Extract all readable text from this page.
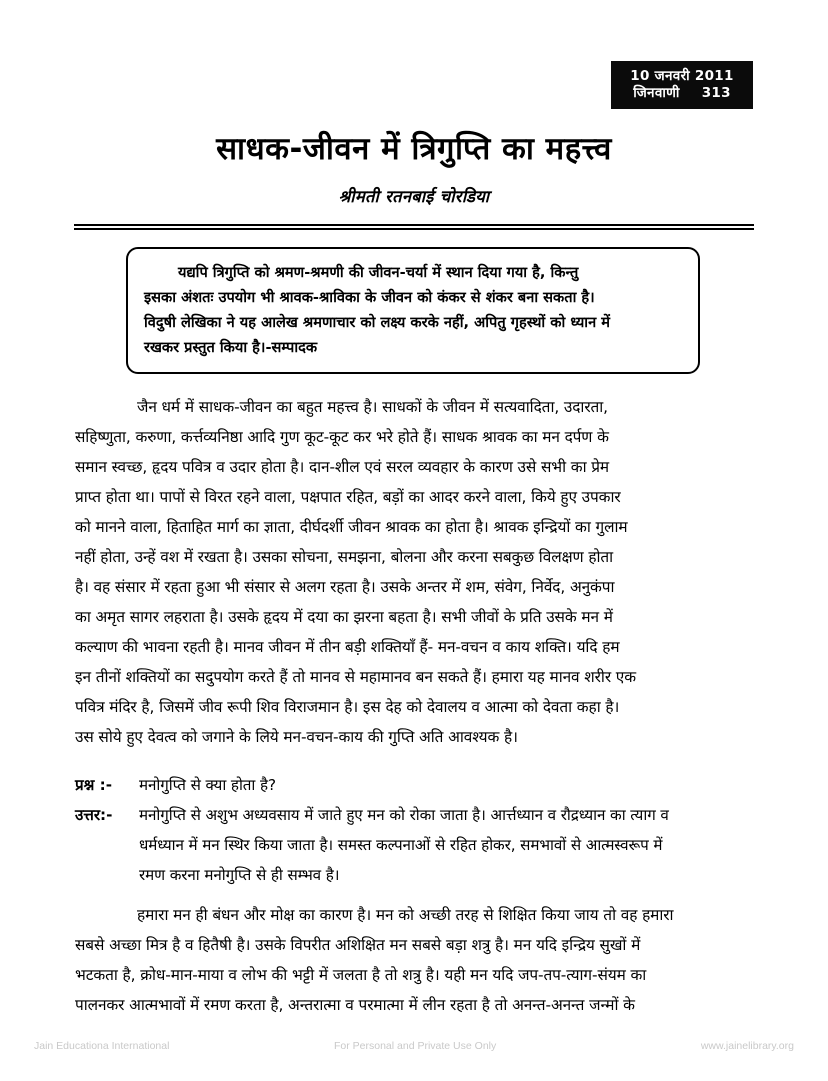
10 जनवरी 2011
जिनवाणी 313
साधक-जीवन में त्रिगुप्ति का महत्त्व
श्रीमती रतनबाई चोरडिया
यद्यपि त्रिगुप्ति को श्रमण-श्रमणी की जीवन-चर्या में स्थान दिया गया है, किन्तु
इसका अंशतः उपयोग भी श्रावक-श्राविका के जीवन को कंकर से शंकर बना सकता है।
विदुषी लेखिका ने यह आलेख श्रमणाचार को लक्ष्य करके नहीं, अपितु गृहस्थों को ध्यान में
रखकर प्रस्तुत किया है।-सम्पादक
जैन धर्म में साधक-जीवन का बहुत महत्त्व है। साधकों के जीवन में सत्यवादिता, उदारता,
सहिष्णुता, करुणा, कर्त्तव्यनिष्ठा आदि गुण कूट-कूट कर भरे होते हैं। साधक श्रावक का मन दर्पण के
समान स्वच्छ, हृदय पवित्र व उदार होता है। दान-शील एवं सरल व्यवहार के कारण उसे सभी का प्रेम
प्राप्त होता था। पापों से विरत रहने वाला, पक्षपात रहित, बड़ों का आदर करने वाला, किये हुए उपकार
को मानने वाला, हिताहित मार्ग का ज्ञाता, दीर्घदर्शी जीवन श्रावक का होता है। श्रावक इन्द्रियों का गुलाम
नहीं होता, उन्हें वश में रखता है। उसका सोचना, समझना, बोलना और करना सबकुछ विलक्षण होता
है। वह संसार में रहता हुआ भी संसार से अलग रहता है। उसके अन्तर में शम, संवेग, निर्वेद, अनुकंपा
का अमृत सागर लहराता है। उसके हृदय में दया का झरना बहता है। सभी जीवों के प्रति उसके मन में
कल्याण की भावना रहती है। मानव जीवन में तीन बड़ी शक्तियाँ हैं- मन-वचन व काय शक्ति। यदि हम
इन तीनों शक्तियों का सदुपयोग करते हैं तो मानव से महामानव बन सकते हैं। हमारा यह मानव शरीर एक
पवित्र मंदिर है, जिसमें जीव रूपी शिव विराजमान है। इस देह को देवालय व आत्मा को देवता कहा है।
उस सोये हुए देवत्व को जगाने के लिये मन-वचन-काय की गुप्ति अति आवश्यक है।
प्रश्न :-	मनोगुप्ति से क्या होता है?
उत्तर:-	मनोगुप्ति से अशुभ अध्यवसाय में जाते हुए मन को रोका जाता है। आर्त्तध्यान व रौद्रध्यान का त्याग व
धर्मध्यान में मन स्थिर किया जाता है। समस्त कल्पनाओं से रहित होकर, समभावों से आत्मस्वरूप में
रमण करना मनोगुप्ति से ही सम्भव है।
हमारा मन ही बंधन और मोक्ष का कारण है। मन को अच्छी तरह से शिक्षित किया जाय तो वह हमारा
सबसे अच्छा मित्र है व हितैषी है। उसके विपरीत अशिक्षित मन सबसे बड़ा शत्रु है। मन यदि इन्द्रिय सुखों में
भटकता है, क्रोध-मान-माया व लोभ की भट्टी में जलता है तो शत्रु है। यही मन यदि जप-तप-त्याग-संयम का
पालनकर आत्मभावों में रमण करता है, अन्तरात्मा व परमात्मा में लीन रहता है तो अनन्त-अनन्त जन्मों के
Jain Educationa International	For Personal and Private Use Only	www.jainelibrary.org
